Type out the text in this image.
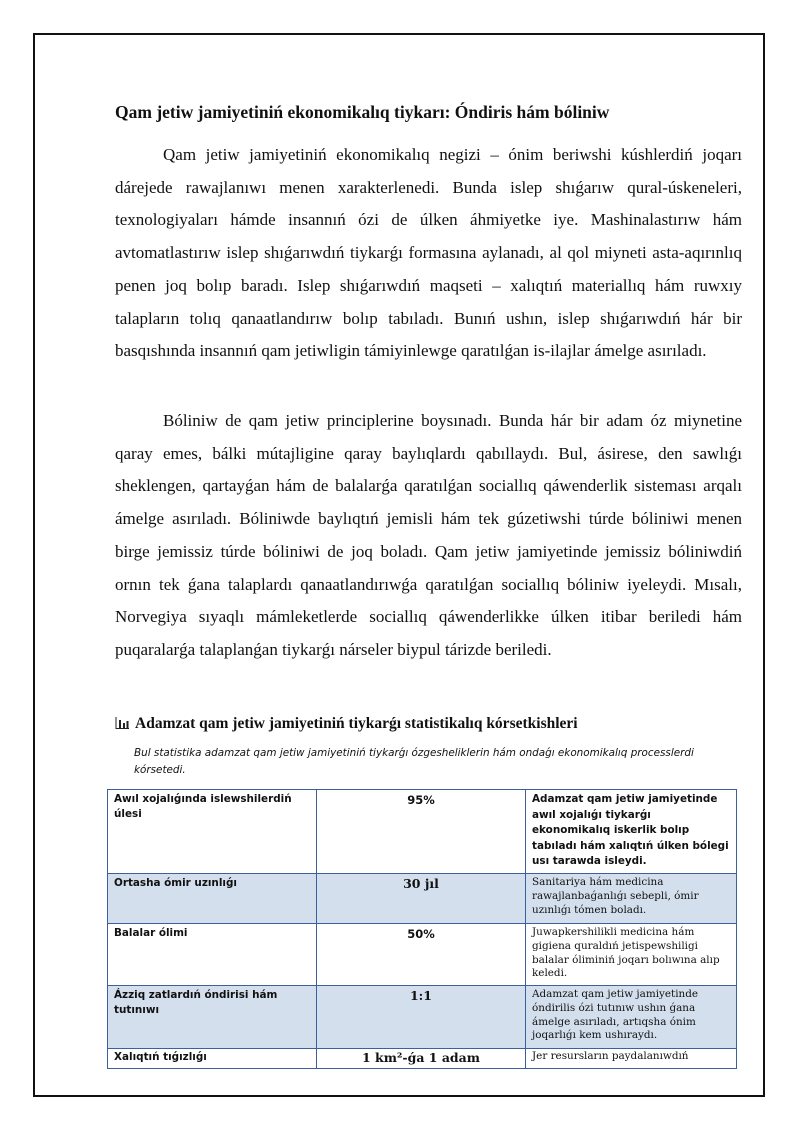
Qam jetiw jamiyetiniń ekonomikalıq tiykarı: Óndiris hám bóliniw

Qam jetiw jamiyetiniń ekonomikalıq negizi – ónim beriwshi kúshlerdiń joqarı dárejede rawajlanıwı menen xarakterlenedi. Bunda islep shıǵarıw qural-úskeneleri, texnologiyaları hámde insannıń ózi de úlken áhmiyetke iye. Mashinalastırıw hám avtomatlastırıw islep shıǵarıwdıń tiykarǵı formasına aylanadı, al qol miyneti asta-aqırınlıq penen joq bolıp baradı. Islep shıǵarıwdıń maqseti – xalıqtıń materiallıq hám ruwxıy talapların tolıq qanaatlandırıw bolıp tabıladı. Bunıń ushın, islep shıǵarıwdıń hár bir basqıshında insannıń qam jetiwligin támiyinlewge qaratılǵan is-ilajlar ámelge asırıladı.

Bóliniw de qam jetiw principlerine boysınadı. Bunda hár bir adam óz miynetine qaray emes, bálki mútajligine qaray baylıqlardı qabıllaydı. Bul, ásirese, den sawlıǵı sheklengen, qartayǵan hám de balalarǵa qaratılǵan sociallıq qáwenderlik sisteması arqalı ámelge asırıladı. Bóliniwde baylıqtıń jemisli hám tek gúzetiwshi túrde bóliniwi menen birge jemissiz túrde bóliniwi de joq boladı. Qam jetiw jamiyetinde jemissiz bóliniwdiń ornın tek ǵana talaplardı qanaatlandırıwǵa qaratılǵan sociallıq bóliniw iyeleydi. Mısalı, Norvegiya sıyaqlı mámleketlerde sociallıq qáwenderlikke úlken itibar beriledi hám puqaralarǵa talaplanǵan tiykarǵı nárseler biypul tárizde beriledi.

Adamzat qam jetiw jamiyetiniń tiykarǵı statistikalıq kórsetkishleri
Bul statistika adamzat qam jetiw jamiyetiniń tiykarǵı ózgesheliklerin hám ondaǵı ekonomikalıq processlerdi kórsetedi.
Awıl xojalıǵında islewshilerdiń úlesi	95%	Adamzat qam jetiw jamiyetinde awıl xojalıǵı tiykarǵı ekonomikalıq iskerlik bolıp tabıladı hám xalıqtıń úlken bólegi usı tarawda isleydi.
Ortasha ómir uzınlıǵı	30 jıl	Sanitariya hám medicina rawajlanbaǵanlıǵı sebepli, ómir uzınlıǵı tómen boladı.
Balalar ólimi	50%	Juwapkershilikli medicina hám gigiena quraldıń jetispewshiligi balalar óliminiń joqarı bolıwına alıp keledi.
Ázziq zatlardıń óndirisi hám tutınıwı	1:1	Adamzat qam jetiw jamiyetinde óndirilis ózi tutınıw ushın ǵana ámelge asırıladı, artıqsha ónim joqarlıǵı kem ushıraydı.
Xalıqtıń tıǵızlıǵı	1 km²-ǵa 1 adam	Jer resursların paydalanıwdıń
